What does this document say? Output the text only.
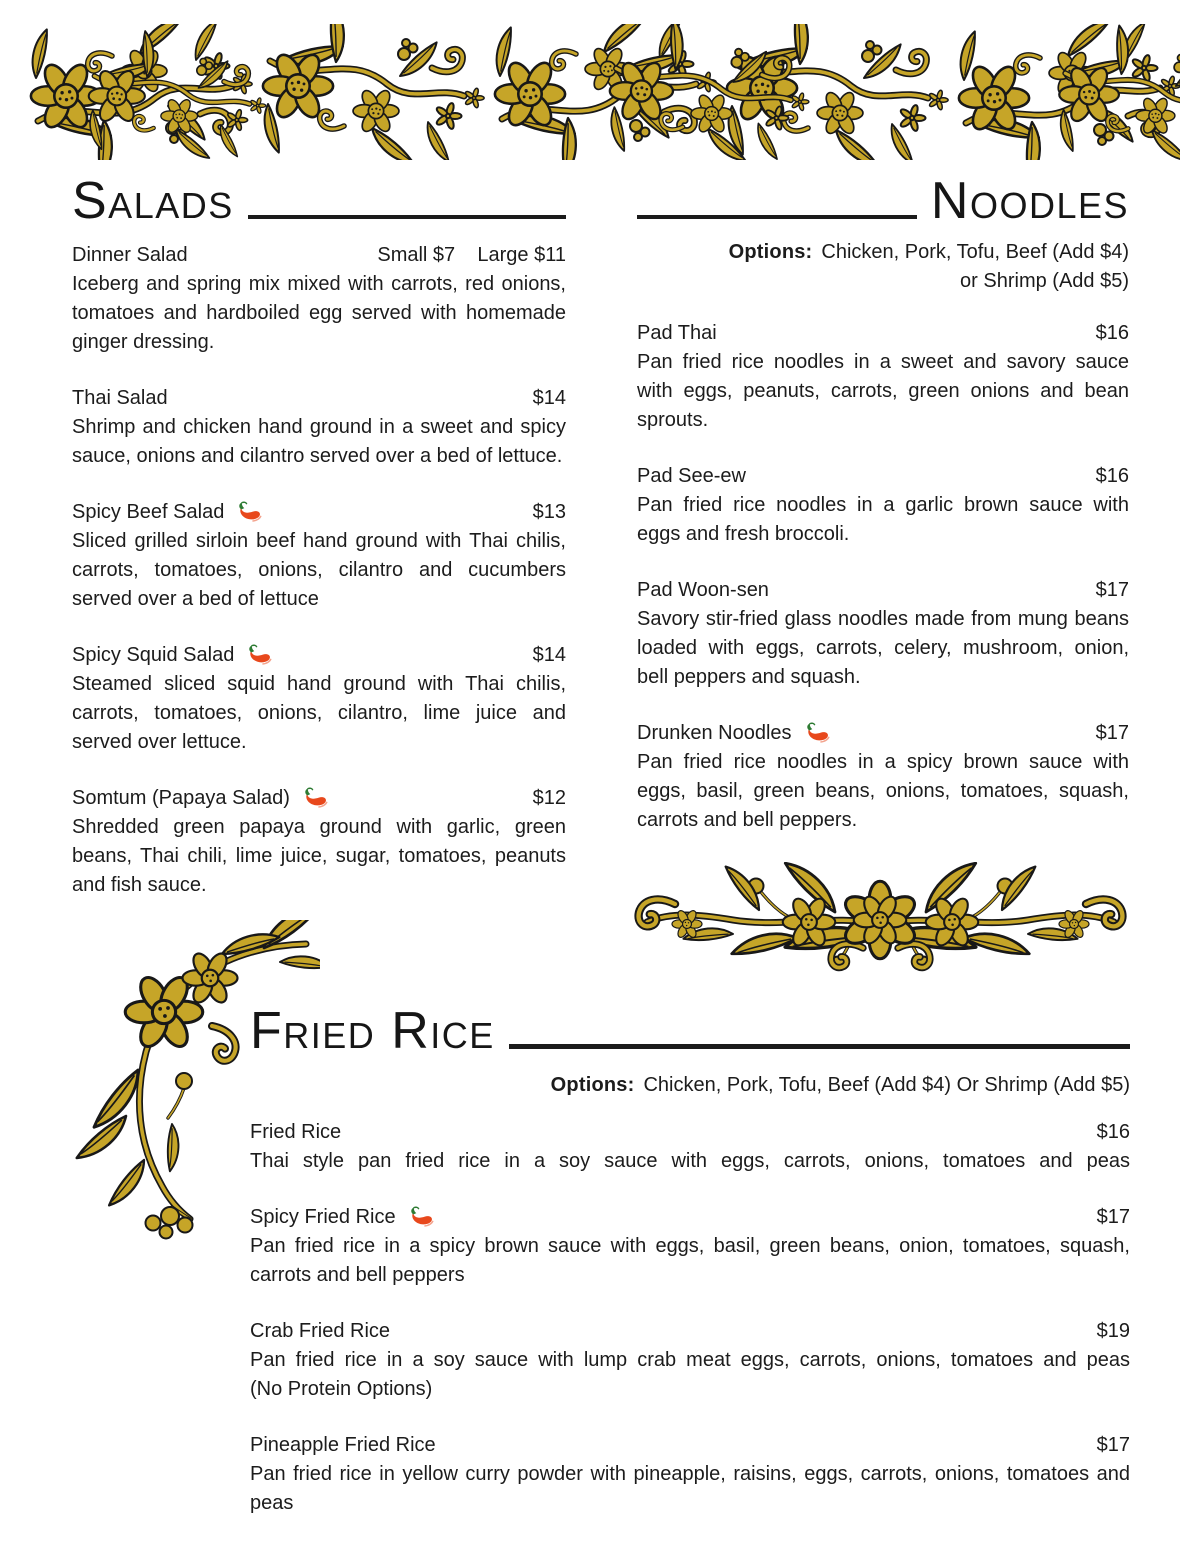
Salads
Dinner Salad	Small $7    Large $11
Iceberg and spring mix mixed with carrots, red onions, tomatoes and hardboiled egg served with homemade ginger dressing.
Thai Salad	$14
Shrimp and chicken hand ground in a sweet and spicy sauce, onions and cilantro served over a bed of lettuce.
Spicy Beef Salad	$13
Sliced grilled sirloin beef hand ground with Thai chilis, carrots, tomatoes, onions, cilantro and cucumbers served over a bed of lettuce
Spicy Squid Salad	$14
Steamed sliced squid hand ground with Thai chilis, carrots, tomatoes, onions, cilantro, lime juice and served over lettuce.
Somtum (Papaya Salad)	$12
Shredded green papaya ground with garlic, green beans, Thai chili, lime juice, sugar, tomatoes, peanuts and fish sauce.
Noodles
Options: Chicken, Pork, Tofu, Beef (Add $4)
or Shrimp (Add $5)
Pad Thai	$16
Pan fried rice noodles in a sweet and savory sauce with eggs, peanuts, carrots, green onions and bean sprouts.
Pad See-ew	$16
Pan fried rice noodles in a garlic brown sauce with eggs and fresh broccoli.
Pad Woon-sen	$17
Savory stir-fried glass noodles made from mung beans loaded with eggs, carrots, celery, mushroom, onion, bell peppers and squash.
Drunken Noodles	$17
Pan fried rice noodles in a spicy brown sauce with eggs, basil, green beans, onions, tomatoes, squash, carrots and bell peppers.
Fried Rice
Options: Chicken, Pork, Tofu, Beef (Add $4) Or Shrimp (Add $5)
Fried Rice	$16
Thai style pan fried rice in a soy sauce with eggs, carrots, onions, tomatoes and peas
Spicy Fried Rice	$17
Pan fried rice in a spicy brown sauce with eggs, basil, green beans, onion, tomatoes, squash, carrots and bell peppers
Crab Fried Rice	$19
Pan fried rice in a soy sauce with lump crab meat eggs, carrots, onions, tomatoes and peas
(No Protein Options)
Pineapple Fried Rice	$17
Pan fried rice in yellow curry powder with pineapple, raisins, eggs, carrots, onions, tomatoes and peas
